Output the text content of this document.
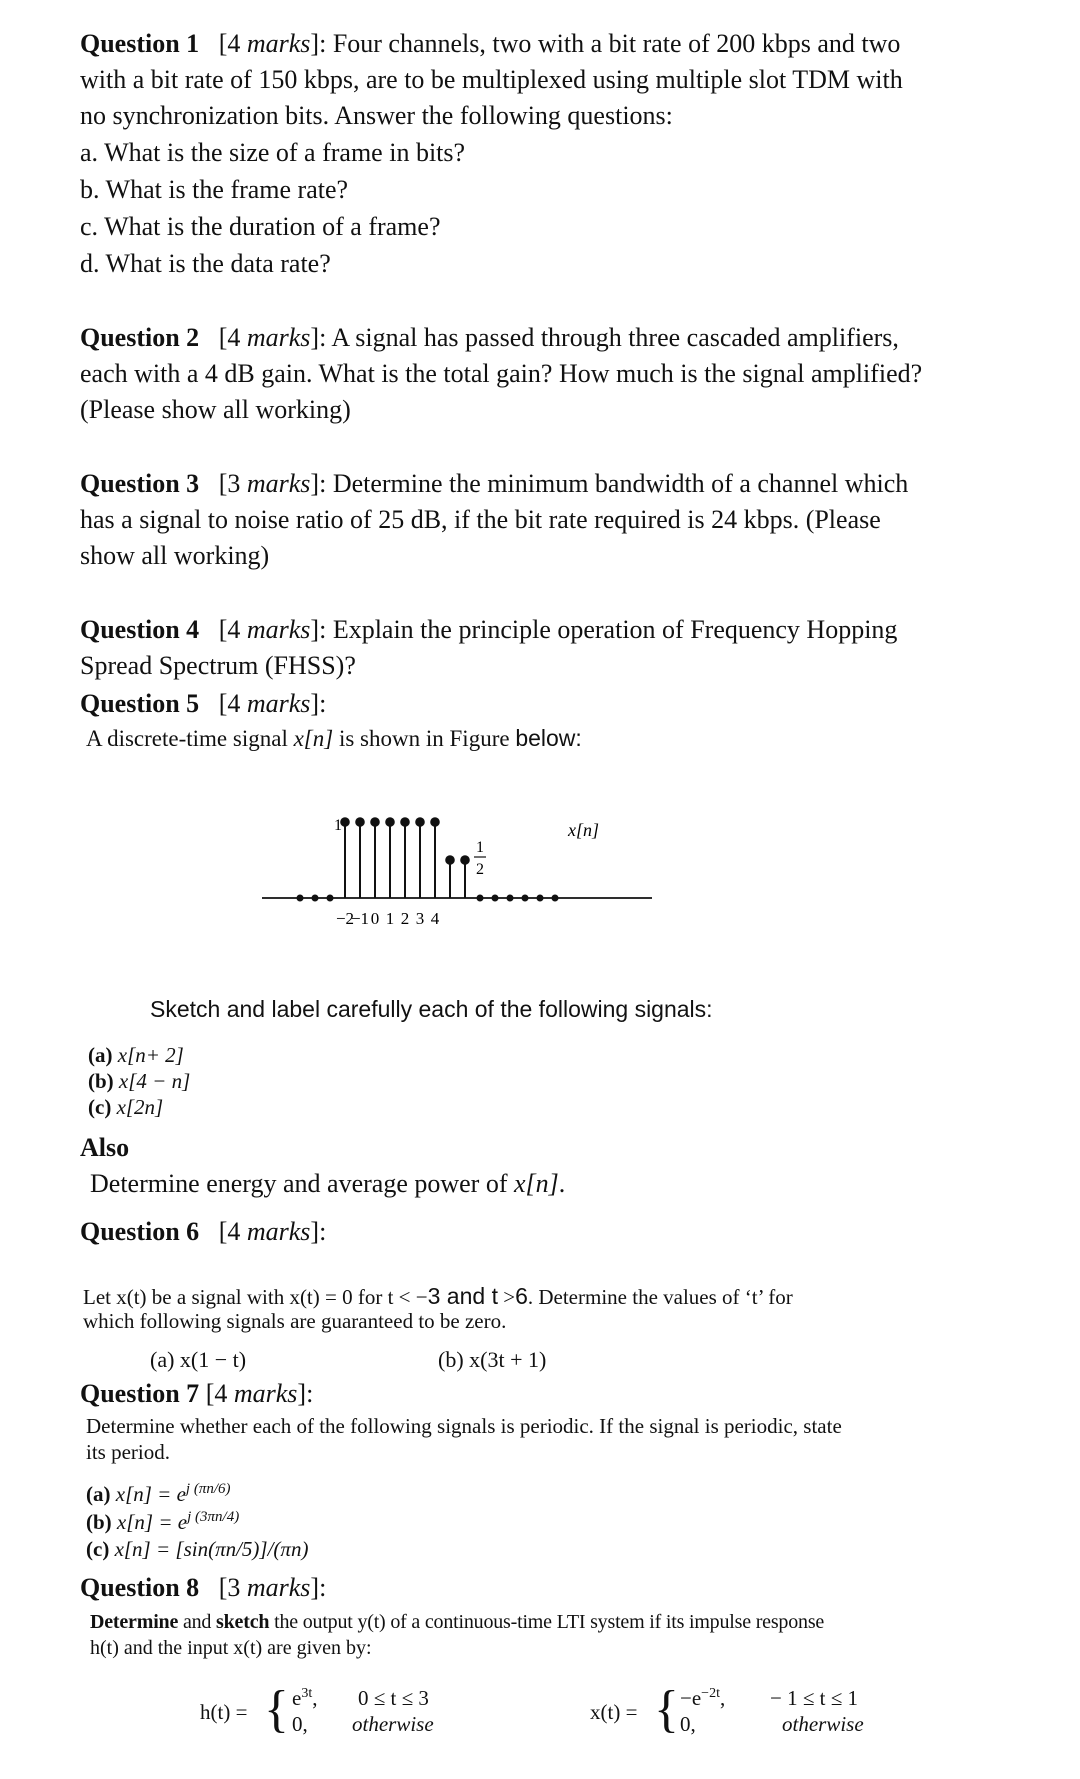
Question 1 [4 marks]: Four channels, two with a bit rate of 200 kbps and two
with a bit rate of 150 kbps, are to be multiplexed using multiple slot TDM with
no synchronization bits. Answer the following questions:
a. What is the size of a frame in bits?
b. What is the frame rate?
c. What is the duration of a frame?
d. What is the data rate?
Question 2 [4 marks]: A signal has passed through three cascaded amplifiers,
each with a 4 dB gain. What is the total gain? How much is the signal amplified?
(Please show all working)
Question 3 [3 marks]: Determine the minimum bandwidth of a channel which
has a signal to noise ratio of 25 dB, if the bit rate required is 24 kbps. (Please
show all working)
Question 4 [4 marks]: Explain the principle operation of Frequency Hopping
Spread Spectrum (FHSS)?
Question 5 [4 marks]:
A discrete-time signal x[n] is shown in Figure below:
1
1
2
x[n]
−2
−1 0 1 2 3 4
Sketch and label carefully each of the following signals:
(a) x[n+ 2]
(b) x[4 − n]
(c) x[2n]
Also
Determine energy and average power of x[n].
Question 6 [4 marks]:
Let x(t) be a signal with x(t) = 0 for t < −3 and t >6. Determine the values of ‘t’ for
which following signals are guaranteed to be zero.
(a) x(1 − t)	(b) x(3t + 1)
Question 7 [4 marks]:
Determine whether each of the following signals is periodic. If the signal is periodic, state
its period.
(a) $x[n] = e^{j (\pi n/6)}$
(b) $x[n] = e^{j (3\pi n/4)}$
(c) x[n] = [sin(πn/5)]/(πn)
Question 8 [3 marks]:
Determine and sketch the output y(t) of a continuous-time LTI system if its impulse response
h(t) and the input x(t) are given by:
h(t) = { $e^{3t}$, 0 ≤ t ≤ 3
0, otherwise	x(t) = { $-e^{-2t}$, − 1 ≤ t ≤ 1
0,	otherwise
